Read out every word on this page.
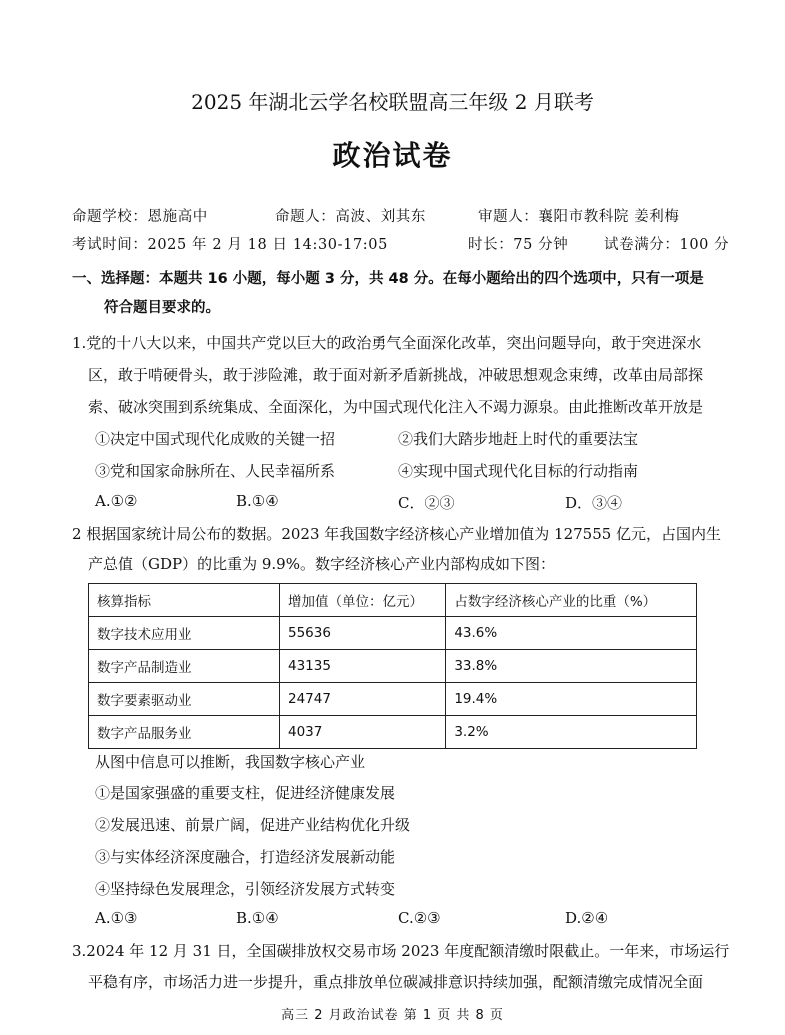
2025 年湖北云学名校联盟高三年级 2 月联考
政治试卷
命题学校：恩施高中	命题人：高波、刘其东	审题人：襄阳市教科院 姜利梅
考试时间：2025 年 2 月 18 日 14:30-17:05	时长：75 分钟 试卷满分：100 分
一、选择题：本题共 16 小题，每小题 3 分，共 48 分。在每小题给出的四个选项中，只有一项是
符合题目要求的。
1.党的十八大以来，中国共产党以巨大的政治勇气全面深化改革，突出问题导向，敢于突进深水
区，敢于啃硬骨头，敢于涉险滩，敢于面对新矛盾新挑战，冲破思想观念束缚，改革由局部探
索、破冰突围到系统集成、全面深化，为中国式现代化注入不竭力源泉。由此推断改革开放是
①决定中国式现代化成败的关键一招	②我们大踏步地赶上时代的重要法宝
③党和国家命脉所在、人民幸福所系	④实现中国式现代化目标的行动指南
A.①②	B.①④	C．②③	D．③④
2 根据国家统计局公布的数据。2023 年我国数字经济核心产业增加值为 127555 亿元，占国内生
产总值（GDP）的比重为 9.9%。数字经济核心产业内部构成如下图：
核算指标	增加值（单位：亿元）	占数字经济核心产业的比重（%）
数字技术应用业	55636	43.6%
数字产品制造业	43135	33.8%
数字要素驱动业	24747	19.4%
数字产品服务业	4037	3.2%
从图中信息可以推断，我国数字核心产业
①是国家强盛的重要支柱，促进经济健康发展
②发展迅速、前景广阔，促进产业结构优化升级
③与实体经济深度融合，打造经济发展新动能
④坚持绿色发展理念，引领经济发展方式转变
A.①③	B.①④	C.②③	D.②④
3.2024 年 12 月 31 日，全国碳排放权交易市场 2023 年度配额清缴时限截止。一年来，市场运行
平稳有序，市场活力进一步提升，重点排放单位碳减排意识持续加强，配额清缴完成情况全面
高三 2 月政治试卷 第 1 页 共 8 页
